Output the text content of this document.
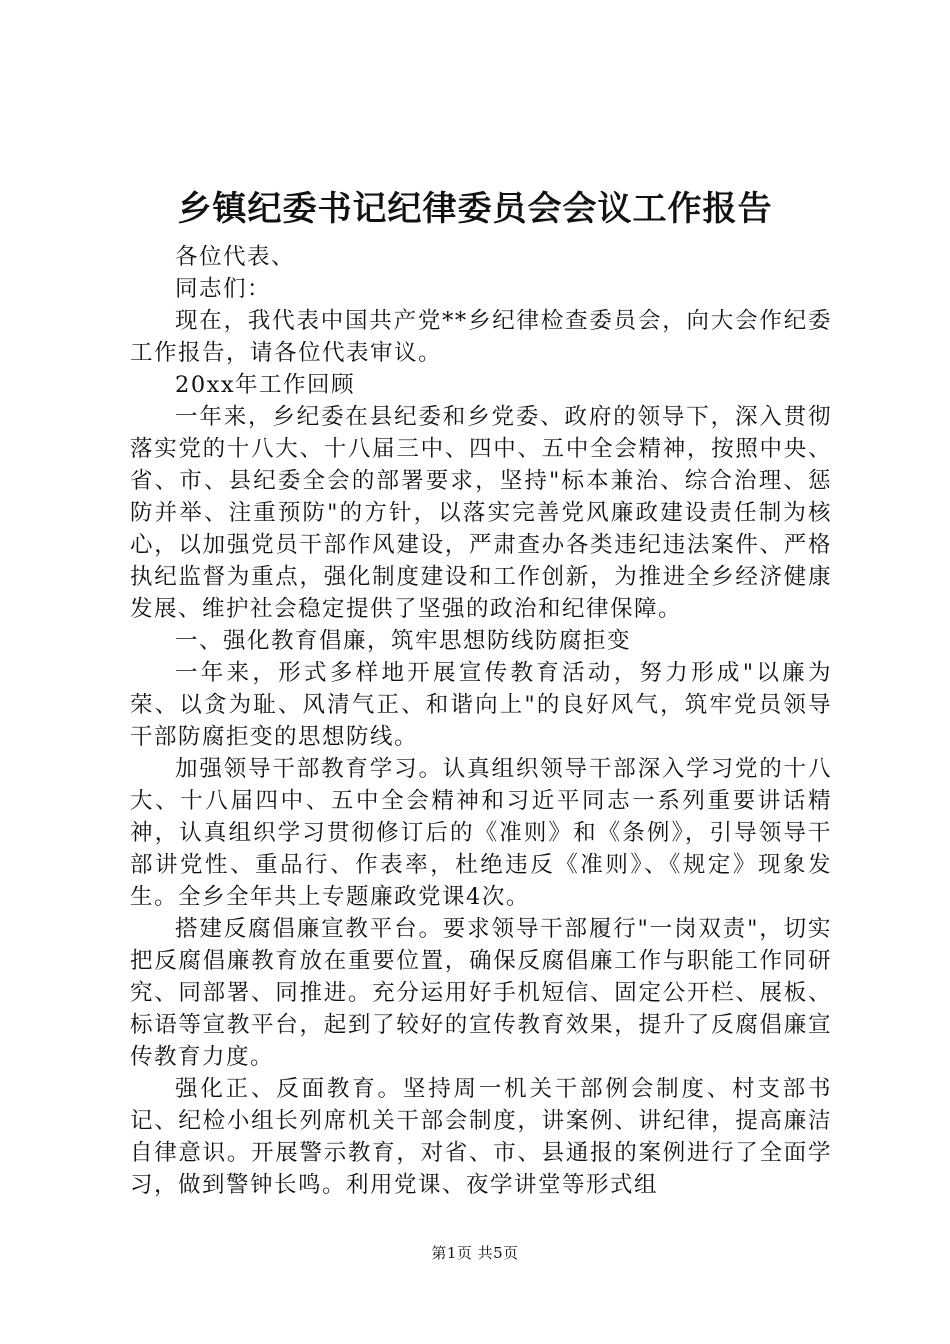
乡镇纪委书记纪律委员会会议工作报告

各位代表、

同志们：

现在，我代表中国共产党**乡纪律检查委员会，向大会作纪委工作报告，请各位代表审议。

20xx年工作回顾

一年来，乡纪委在县纪委和乡党委、政府的领导下，深入贯彻落实党的十八大、十八届三中、四中、五中全会精神，按照中央、省、市、县纪委全会的部署要求，坚持"标本兼治、综合治理、惩防并举、注重预防"的方针，以落实完善党风廉政建设责任制为核心，以加强党员干部作风建设，严肃查办各类违纪违法案件、严格执纪监督为重点，强化制度建设和工作创新，为推进全乡经济健康发展、维护社会稳定提供了坚强的政治和纪律保障。

一、强化教育倡廉，筑牢思想防线防腐拒变

一年来，形式多样地开展宣传教育活动，努力形成"以廉为荣、以贪为耻、风清气正、和谐向上"的良好风气，筑牢党员领导干部防腐拒变的思想防线。

加强领导干部教育学习。认真组织领导干部深入学习党的十八大、十八届四中、五中全会精神和习近平同志一系列重要讲话精神，认真组织学习贯彻修订后的《准则》和《条例》，引导领导干部讲党性、重品行、作表率，杜绝违反《准则》、《规定》现象发生。全乡全年共上专题廉政党课4次。

搭建反腐倡廉宣教平台。要求领导干部履行"一岗双责"，切实把反腐倡廉教育放在重要位置，确保反腐倡廉工作与职能工作同研究、同部署、同推进。充分运用好手机短信、固定公开栏、展板、标语等宣教平台，起到了较好的宣传教育效果，提升了反腐倡廉宣传教育力度。

强化正、反面教育。坚持周一机关干部例会制度、村支部书记、纪检小组长列席机关干部会制度，讲案例、讲纪律，提高廉洁自律意识。开展警示教育，对省、市、县通报的案例进行了全面学习，做到警钟长鸣。利用党课、夜学讲堂等形式组

第1页 共5页
